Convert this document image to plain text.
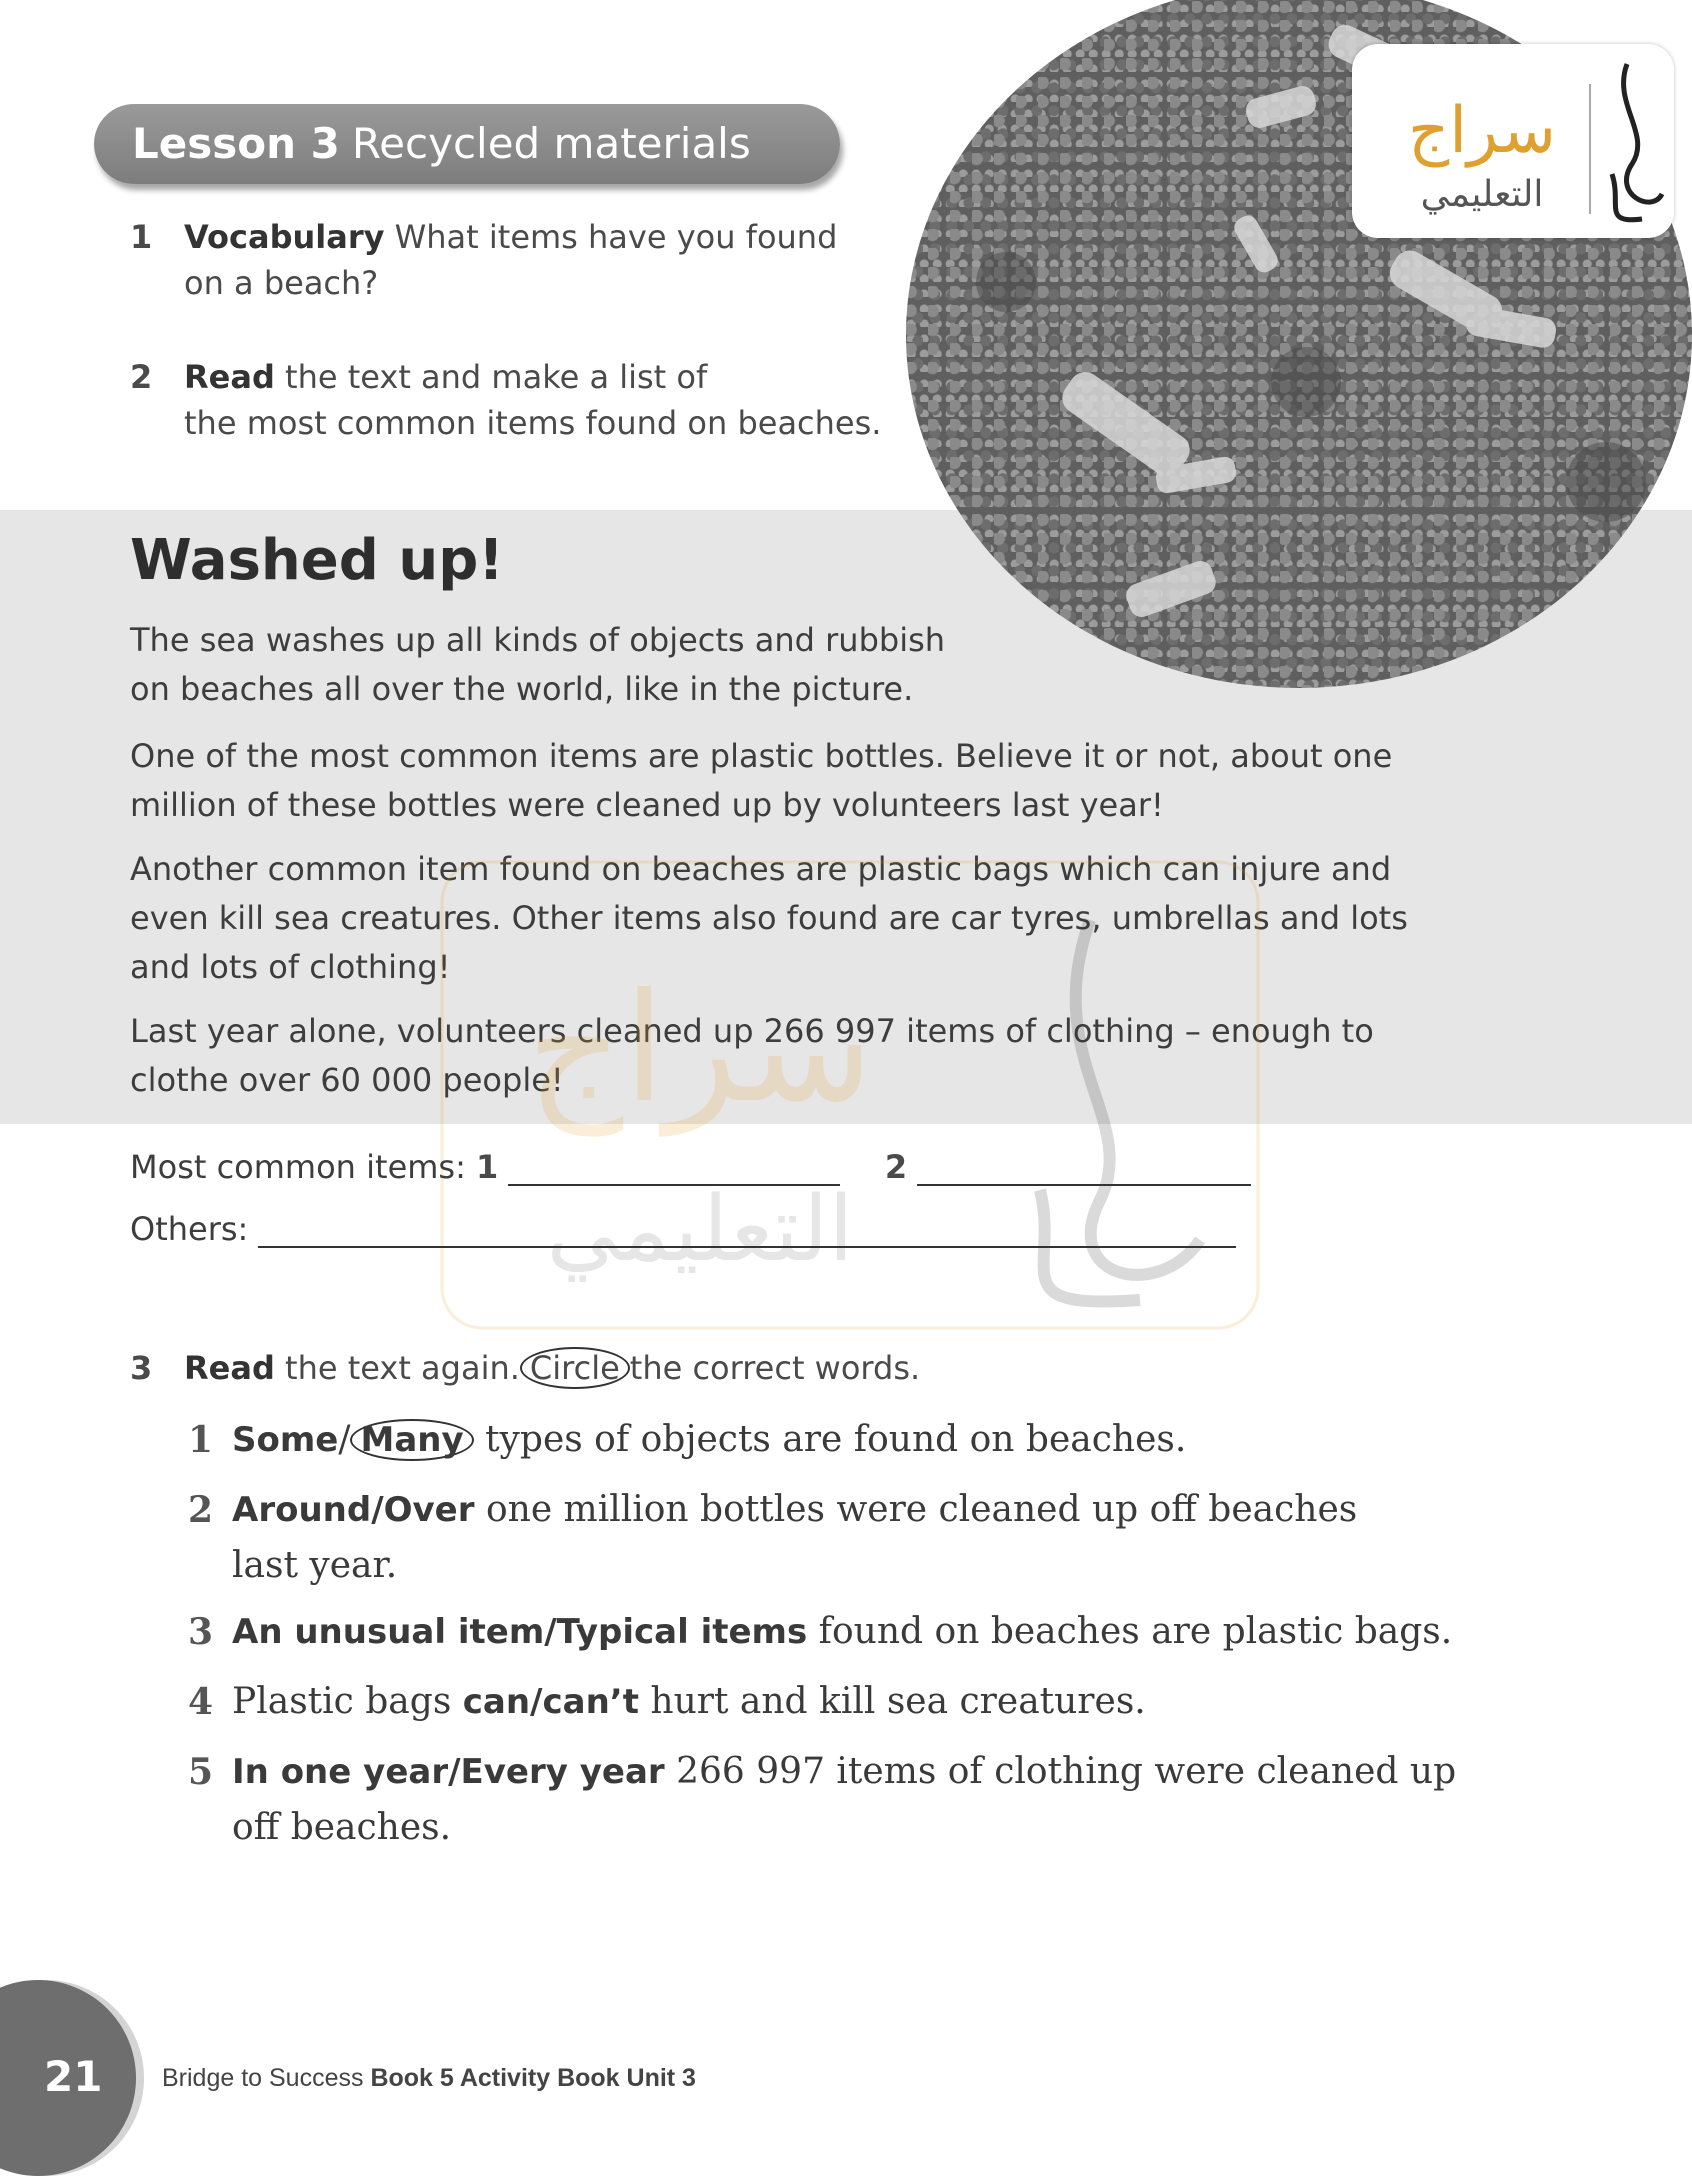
Lesson 3 Recycled materials
1 Vocabulary What items have you found
on a beach?
2 Read the text and make a list of
the most common items found on beaches.
سراج
التعليمي
Washed up!
The sea washes up all kinds of objects and rubbish
on beaches all over the world, like in the picture.
One of the most common items are plastic bottles. Believe it or not, about one
million of these bottles were cleaned up by volunteers last year!
Another common item found on beaches are plastic bags which can injure and
even kill sea creatures. Other items also found are car tyres, umbrellas and lots
and lots of clothing!
Last year alone, volunteers cleaned up 266 997 items of clothing – enough to
clothe over 60 000 people!
سراج
التعليمي
Most common items: 1	2
Others:
3 Read the text again. Circle the correct words.
1 Some/ Many types of objects are found on beaches.
2 Around/Over one million bottles were cleaned up off beaches
last year.
3 An unusual item/Typical items found on beaches are plastic bags.
4 Plastic bags can/can’t hurt and kill sea creatures.
5 In one year/Every year 266 997 items of clothing were cleaned up
off beaches.
21 Bridge to Success Book 5 Activity Book Unit 3
